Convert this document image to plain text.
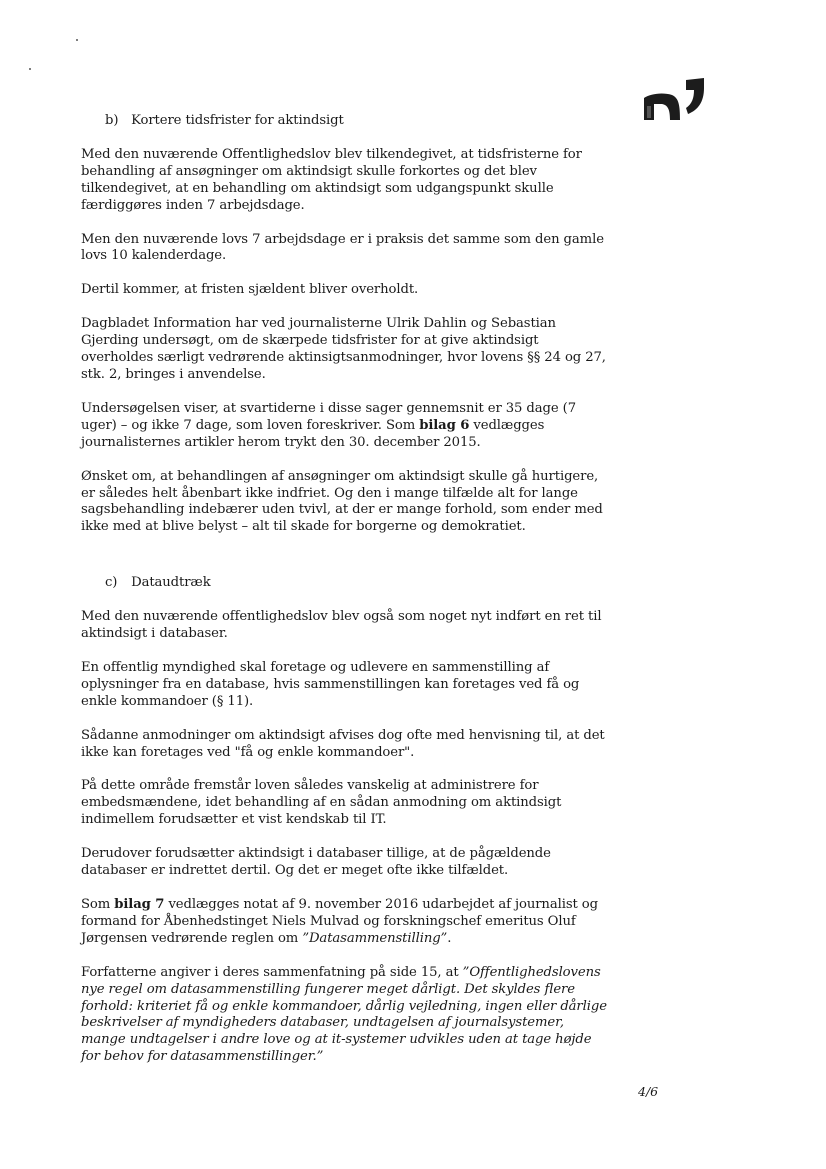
b) Kortere tidsfrister for aktindsigt

Med den nuværende Offentlighedslov blev tilkendegivet, at tidsfristerne for behandling af ansøgninger om aktindsigt skulle forkortes og det blev tilkendegivet, at en behandling om aktindsigt som udgangspunkt skulle færdiggøres inden 7 arbejdsdage.

Men den nuværende lovs 7 arbejdsdage er i praksis det samme som den gamle lovs 10 kalenderdage.

Dertil kommer, at fristen sjældent bliver overholdt.

Dagbladet Information har ved journalisterne Ulrik Dahlin og Sebastian Gjerding undersøgt, om de skærpede tidsfrister for at give aktindsigt overholdes særligt vedrørende aktinsigtsanmodninger, hvor lovens §§ 24 og 27, stk. 2, bringes i anvendelse.

Undersøgelsen viser, at svartiderne i disse sager gennemsnit er 35 dage (7 uger) – og ikke 7 dage, som loven foreskriver. Som bilag 6 vedlægges journalisternes artikler herom trykt den 30. december 2015.

Ønsket om, at behandlingen af ansøgninger om aktindsigt skulle gå hurtigere, er således helt åbenbart ikke indfriet. Og den i mange tilfælde alt for lange sagsbehandling indebærer uden tvivl, at der er mange forhold, som ender med ikke med at blive belyst – alt til skade for borgerne og demokratiet.

c) Dataudtræk

Med den nuværende offentlighedslov blev også som noget nyt indført en ret til aktindsigt i databaser.

En offentlig myndighed skal foretage og udlevere en sammenstilling af oplysninger fra en database, hvis sammenstillingen kan foretages ved få og enkle kommandoer (§ 11).

Sådanne anmodninger om aktindsigt afvises dog ofte med henvisning til, at det ikke kan foretages ved "få og enkle kommandoer".

På dette område fremstår loven således vanskelig at administrere for embedsmændene, idet behandling af en sådan anmodning om aktindsigt indimellem forudsætter et vist kendskab til IT.

Derudover forudsætter aktindsigt i databaser tillige, at de pågældende databaser er indrettet dertil. Og det er meget ofte ikke tilfældet.

Som bilag 7 vedlægges notat af 9. november 2016 udarbejdet af journalist og formand for Åbenhedstinget Niels Mulvad og forskningschef emeritus Oluf Jørgensen vedrørende reglen om ”Datasammenstilling”.

Forfatterne angiver i deres sammenfatning på side 15, at ”Offentlighedslovens nye regel om datasammenstilling fungerer meget dårligt. Det skyldes flere forhold: kriteriet få og enkle kommandoer, dårlig vejledning, ingen eller dårlige beskrivelser af myndigheders databaser, undtagelsen af journalsystemer, mange undtagelser i andre love og at it-systemer udvikles uden at tage højde for behov for datasammenstillinger.”

4/6
